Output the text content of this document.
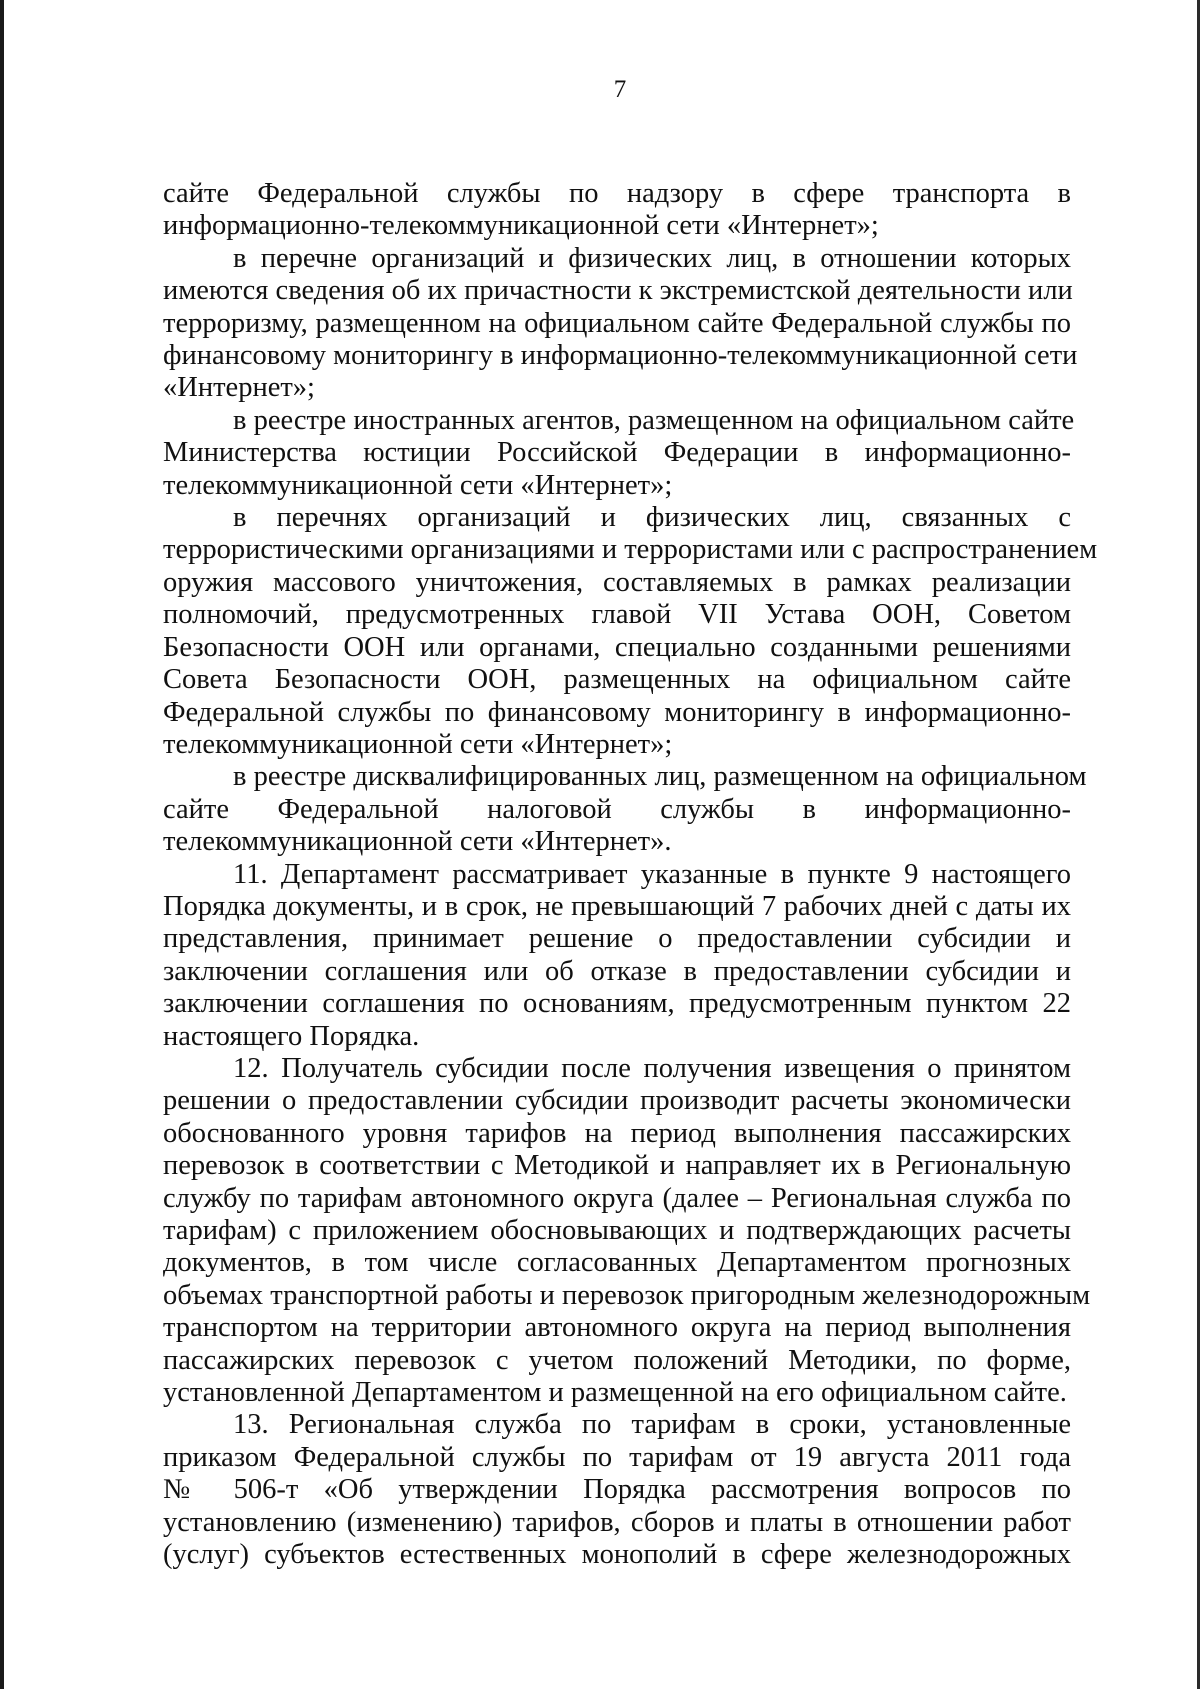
7

сайте Федеральной службы по надзору в сфере транспорта в
информационно-телекоммуникационной сети «Интернет»;

в перечне организаций и физических лиц, в отношении которых
имеются сведения об их причастности к экстремистской деятельности или
терроризму, размещенном на официальном сайте Федеральной службы по
финансовому мониторингу в информационно-телекоммуникационной сети
«Интернет»;

в реестре иностранных агентов, размещенном на официальном сайте
Министерства юстиции Российской Федерации в информационно-
телекоммуникационной сети «Интернет»;

в перечнях организаций и физических лиц, связанных с
террористическими организациями и террористами или с распространением
оружия массового уничтожения, составляемых в рамках реализации
полномочий, предусмотренных главой VII Устава ООН, Советом
Безопасности ООН или органами, специально созданными решениями
Совета Безопасности ООН, размещенных на официальном сайте
Федеральной службы по финансовому мониторингу в информационно-
телекоммуникационной сети «Интернет»;

в реестре дисквалифицированных лиц, размещенном на официальном
сайте Федеральной налоговой службы в информационно-
телекоммуникационной сети «Интернет».

11. Департамент рассматривает указанные в пункте 9 настоящего
Порядка документы, и в срок, не превышающий 7 рабочих дней с даты их
представления, принимает решение о предоставлении субсидии и
заключении соглашения или об отказе в предоставлении субсидии и
заключении соглашения по основаниям, предусмотренным пунктом 22
настоящего Порядка.

12. Получатель субсидии после получения извещения о принятом
решении о предоставлении субсидии производит расчеты экономически
обоснованного уровня тарифов на период выполнения пассажирских
перевозок в соответствии с Методикой и направляет их в Региональную
службу по тарифам автономного округа (далее – Региональная служба по
тарифам) с приложением обосновывающих и подтверждающих расчеты
документов, в том числе согласованных Департаментом прогнозных
объемах транспортной работы и перевозок пригородным железнодорожным
транспортом на территории автономного округа на период выполнения
пассажирских перевозок с учетом положений Методики, по форме,
установленной Департаментом и размещенной на его официальном сайте.

13. Региональная служба по тарифам в сроки, установленные
приказом Федеральной службы по тарифам от 19 августа 2011 года
№ 506-т «Об утверждении Порядка рассмотрения вопросов по
установлению (изменению) тарифов, сборов и платы в отношении работ
(услуг) субъектов естественных монополий в сфере железнодорожных
